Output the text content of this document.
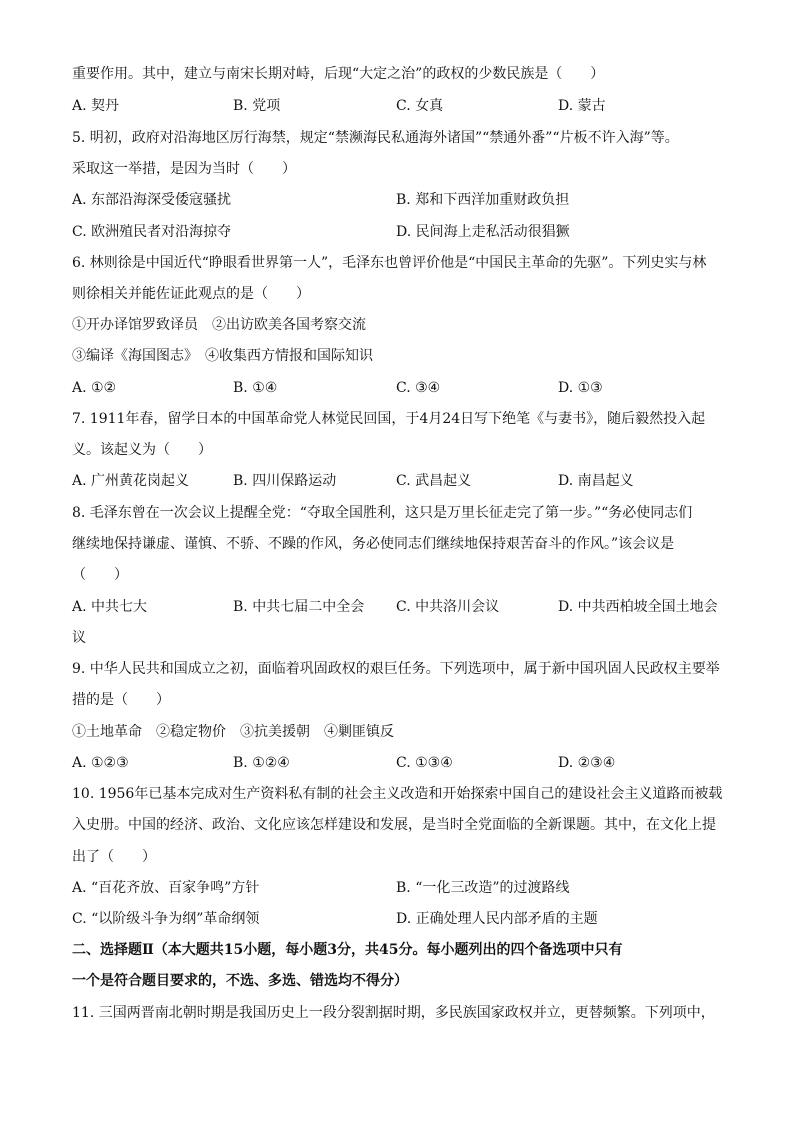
重要作用。其中，建立与南宋长期对峙，后现“大定之治”的政权的少数民族是（　　）
A. 契丹	B. 党项	C. 女真	D. 蒙古
5. 明初，政府对沿海地区厉行海禁，规定“禁濒海民私通海外诸国”“禁通外番”“片板不许入海”等。
采取这一举措，是因为当时（　　）
A. 东部沿海深受倭寇骚扰	B. 郑和下西洋加重财政负担
C. 欧洲殖民者对沿海掠夺	D. 民间海上走私活动很猖獗
6. 林则徐是中国近代“睁眼看世界第一人”，毛泽东也曾评价他是“中国民主革命的先驱”。下列史实与林
则徐相关并能佐证此观点的是（　　）
①开办译馆罗致译员　②出访欧美各国考察交流
③编译《海国图志》　④收集西方情报和国际知识
A. ①②	B. ①④	C. ③④	D. ①③
7. 1911年春，留学日本的中国革命党人林觉民回国，于4月24日写下绝笔《与妻书》，随后毅然投入起
义。该起义为（　　）
A. 广州黄花岗起义	B. 四川保路运动	C. 武昌起义	D. 南昌起义
8. 毛泽东曾在一次会议上提醒全党：“夺取全国胜利，这只是万里长征走完了第一步。”“务必使同志们
继续地保持谦虚、谨慎、不骄、不躁的作风，务必使同志们继续地保持艰苦奋斗的作风。”该会议是
（　　）
A. 中共七大	B. 中共七届二中全会 C. 中共洛川会议	D. 中共西柏坡全国土地会
议
9. 中华人民共和国成立之初，面临着巩固政权的艰巨任务。下列选项中，属于新中国巩固人民政权主要举
措的是（　　）
①土地革命　②稳定物价　③抗美援朝　④剿匪镇反
A. ①②③	B. ①②④	C. ①③④	D. ②③④
10. 1956年已基本完成对生产资料私有制的社会主义改造和开始探索中国自己的建设社会主义道路而被载
入史册。中国的经济、政治、文化应该怎样建设和发展，是当时全党面临的全新课题。其中，在文化上提
出了（　　）
A. “百花齐放、百家争鸣”方针	B. “一化三改造”的过渡路线
C. “以阶级斗争为纲”革命纲领	D. 正确处理人民内部矛盾的主题
二、选择题Ⅱ（本大题共15小题，每小题3分，共45分。每小题列出的四个备选项中只有
一个是符合题目要求的，不选、多选、错选均不得分）
11. 三国两晋南北朝时期是我国历史上一段分裂割据时期，多民族国家政权并立，更替频繁。下列项中，
